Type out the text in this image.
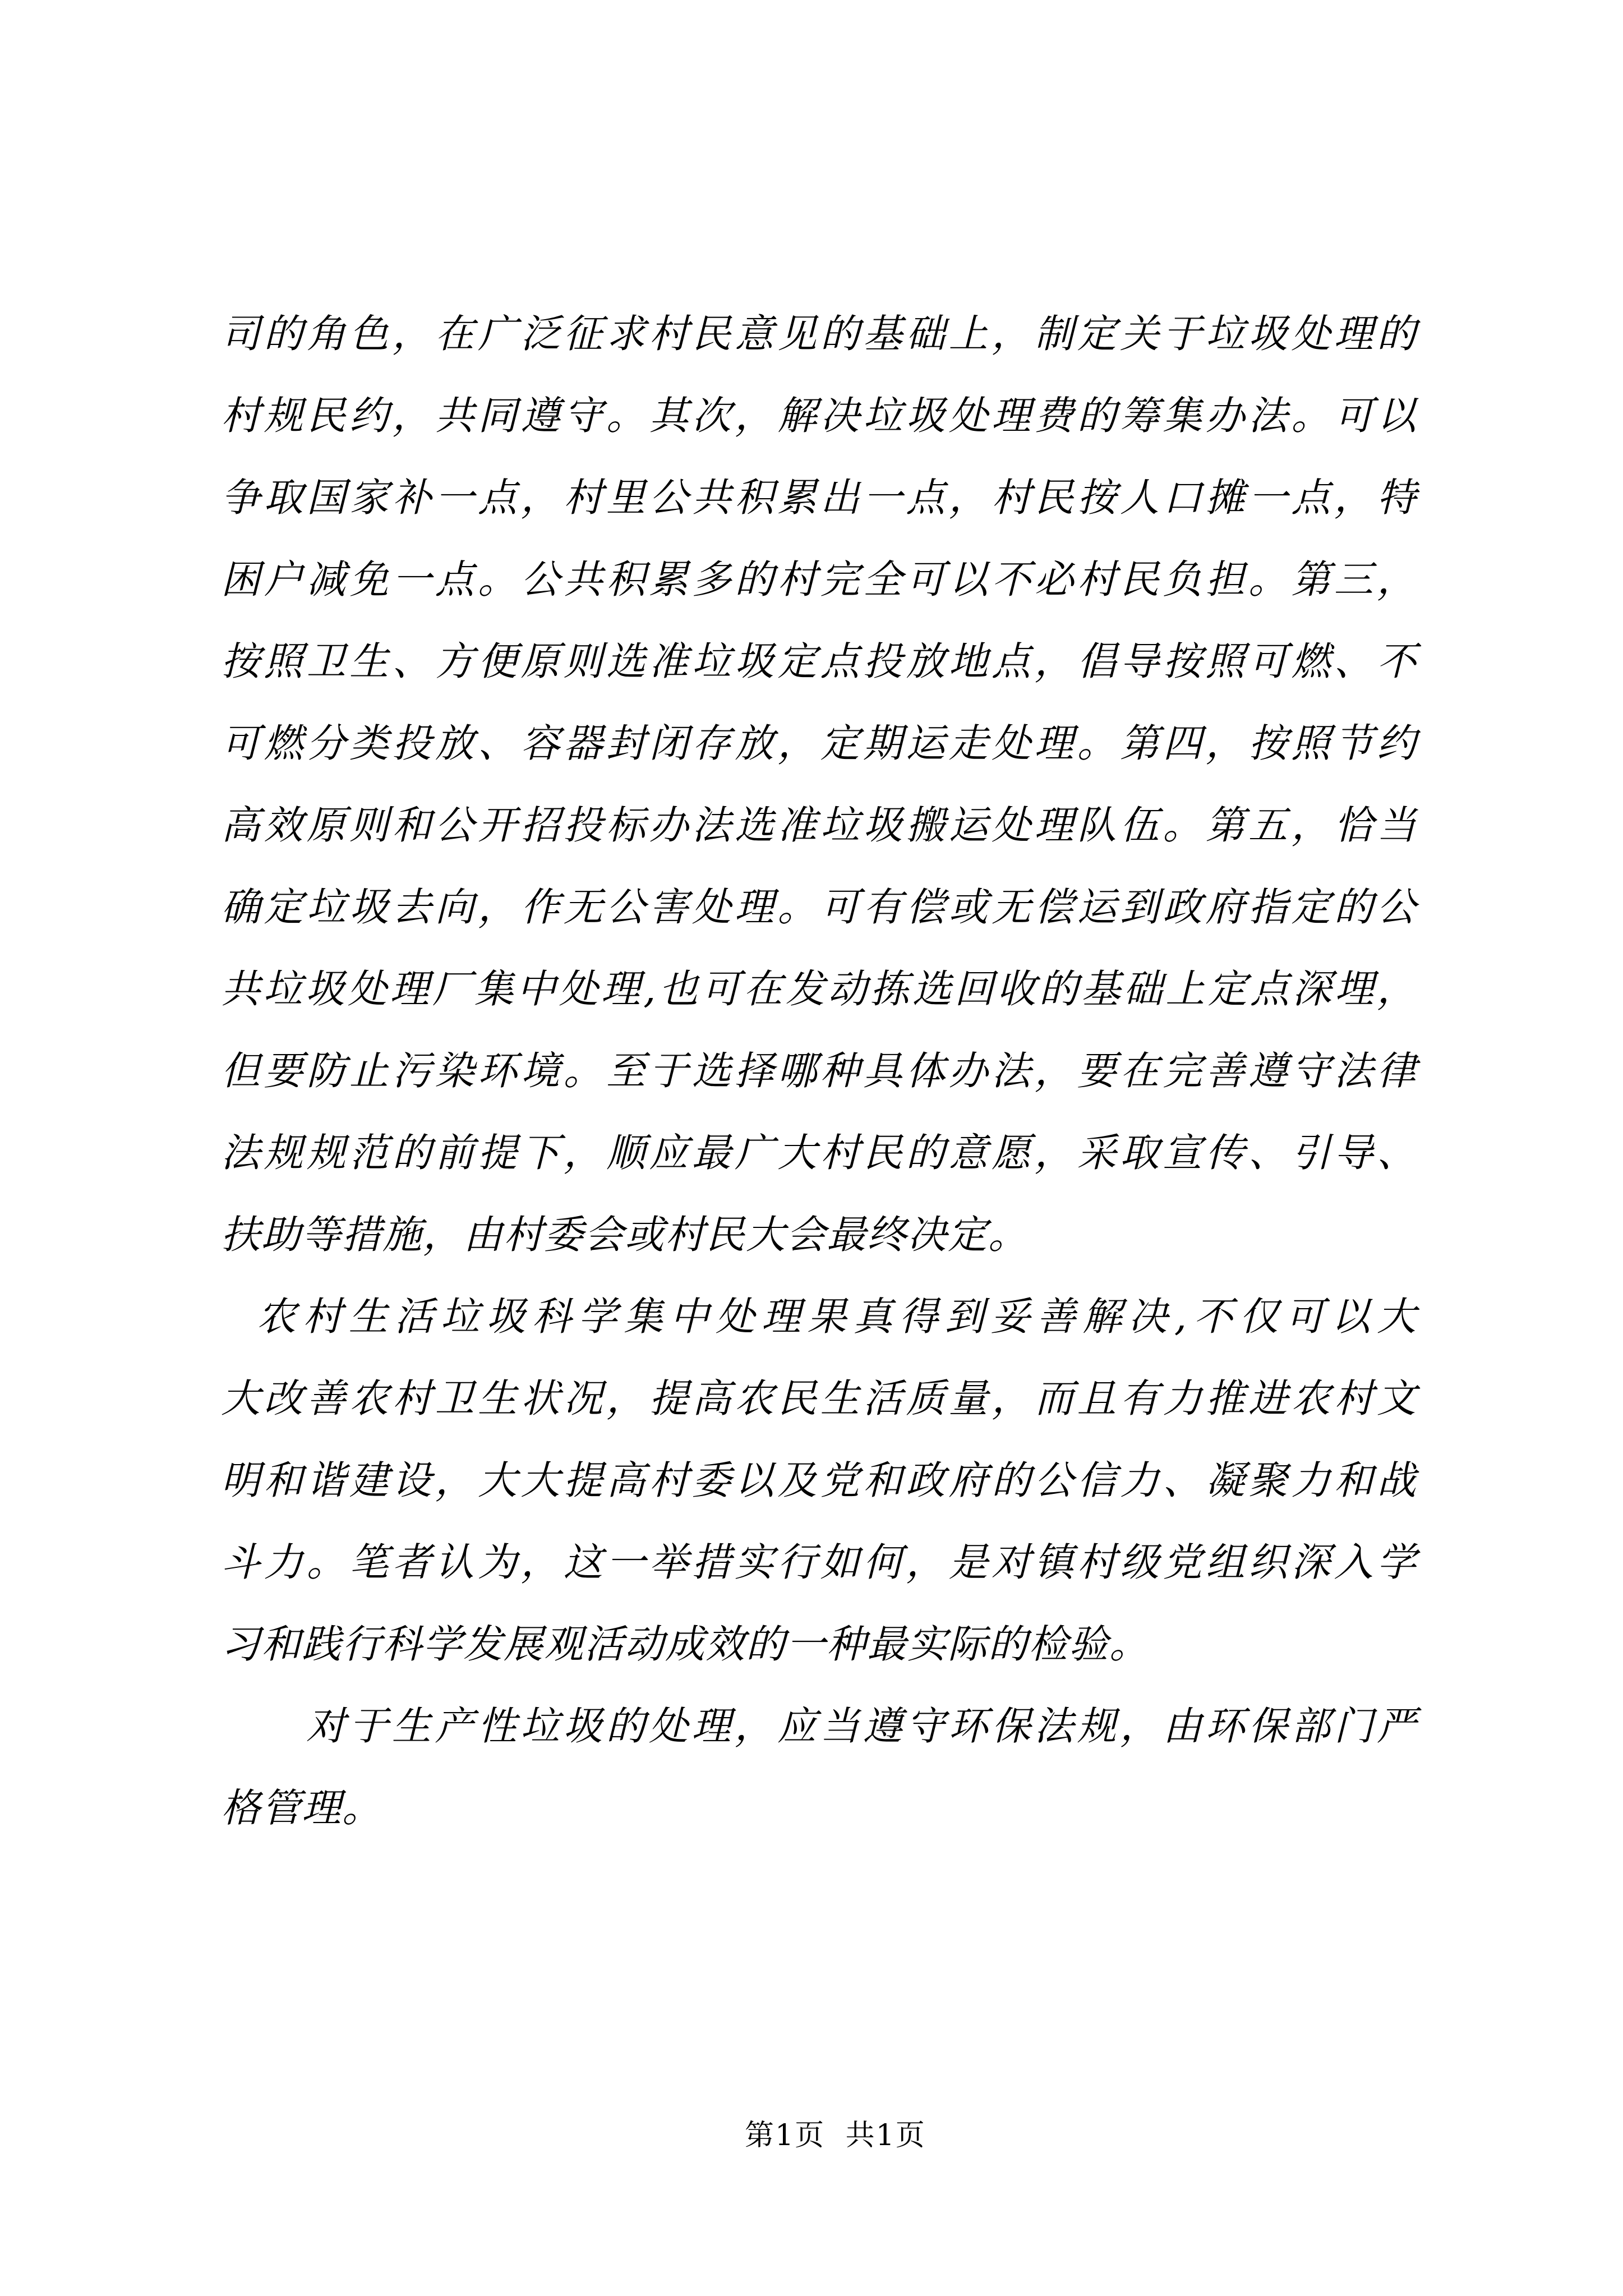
司的角色，在广泛征求村民意见的基础上，制定关于垃圾处理的
村规民约，共同遵守。其次，解决垃圾处理费的筹集办法。可以
争取国家补一点，村里公共积累出一点，村民按人口摊一点，特
困户减免一点。公共积累多的村完全可以不必村民负担。第三，
按照卫生、方便原则选准垃圾定点投放地点，倡导按照可燃、不
可燃分类投放、容器封闭存放，定期运走处理。第四，按照节约
高效原则和公开招投标办法选准垃圾搬运处理队伍。第五，恰当
确定垃圾去向，作无公害处理。可有偿或无偿运到政府指定的公
共垃圾处理厂集中处理,也可在发动拣选回收的基础上定点深埋，
但要防止污染环境。至于选择哪种具体办法，要在完善遵守法律
法规规范的前提下，顺应最广大村民的意愿，采取宣传、引导、
扶助等措施，由村委会或村民大会最终决定。
农村生活垃圾科学集中处理果真得到妥善解决,不仅可以大
大改善农村卫生状况，提高农民生活质量，而且有力推进农村文
明和谐建设，大大提高村委以及党和政府的公信力、凝聚力和战
斗力。笔者认为，这一举措实行如何，是对镇村级党组织深入学
习和践行科学发展观活动成效的一种最实际的检验。
对于生产性垃圾的处理，应当遵守环保法规，由环保部门严
格管理。
第1页 共1页
